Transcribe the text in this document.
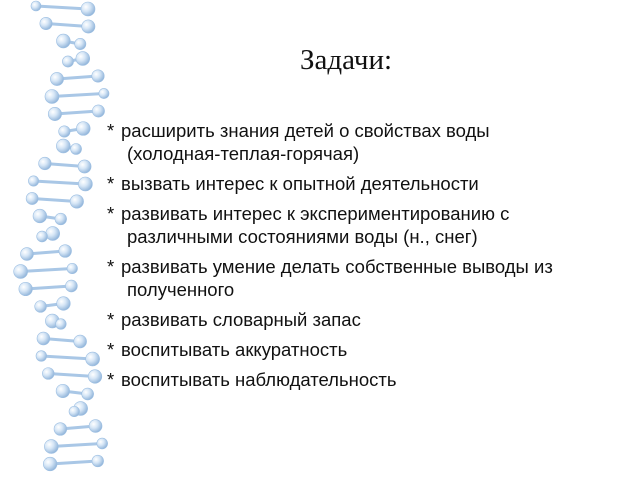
Задачи:
* расширить знания детей о свойствах воды
(холодная-теплая-горячая)
* вызвать интерес к опытной деятельности
* развивать интерес к экспериментированию с
различными состояниями воды (н., снег)
* развивать умение делать собственные выводы из
полученного
* развивать словарный запас
* воспитывать аккуратность
* воспитывать наблюдательность
